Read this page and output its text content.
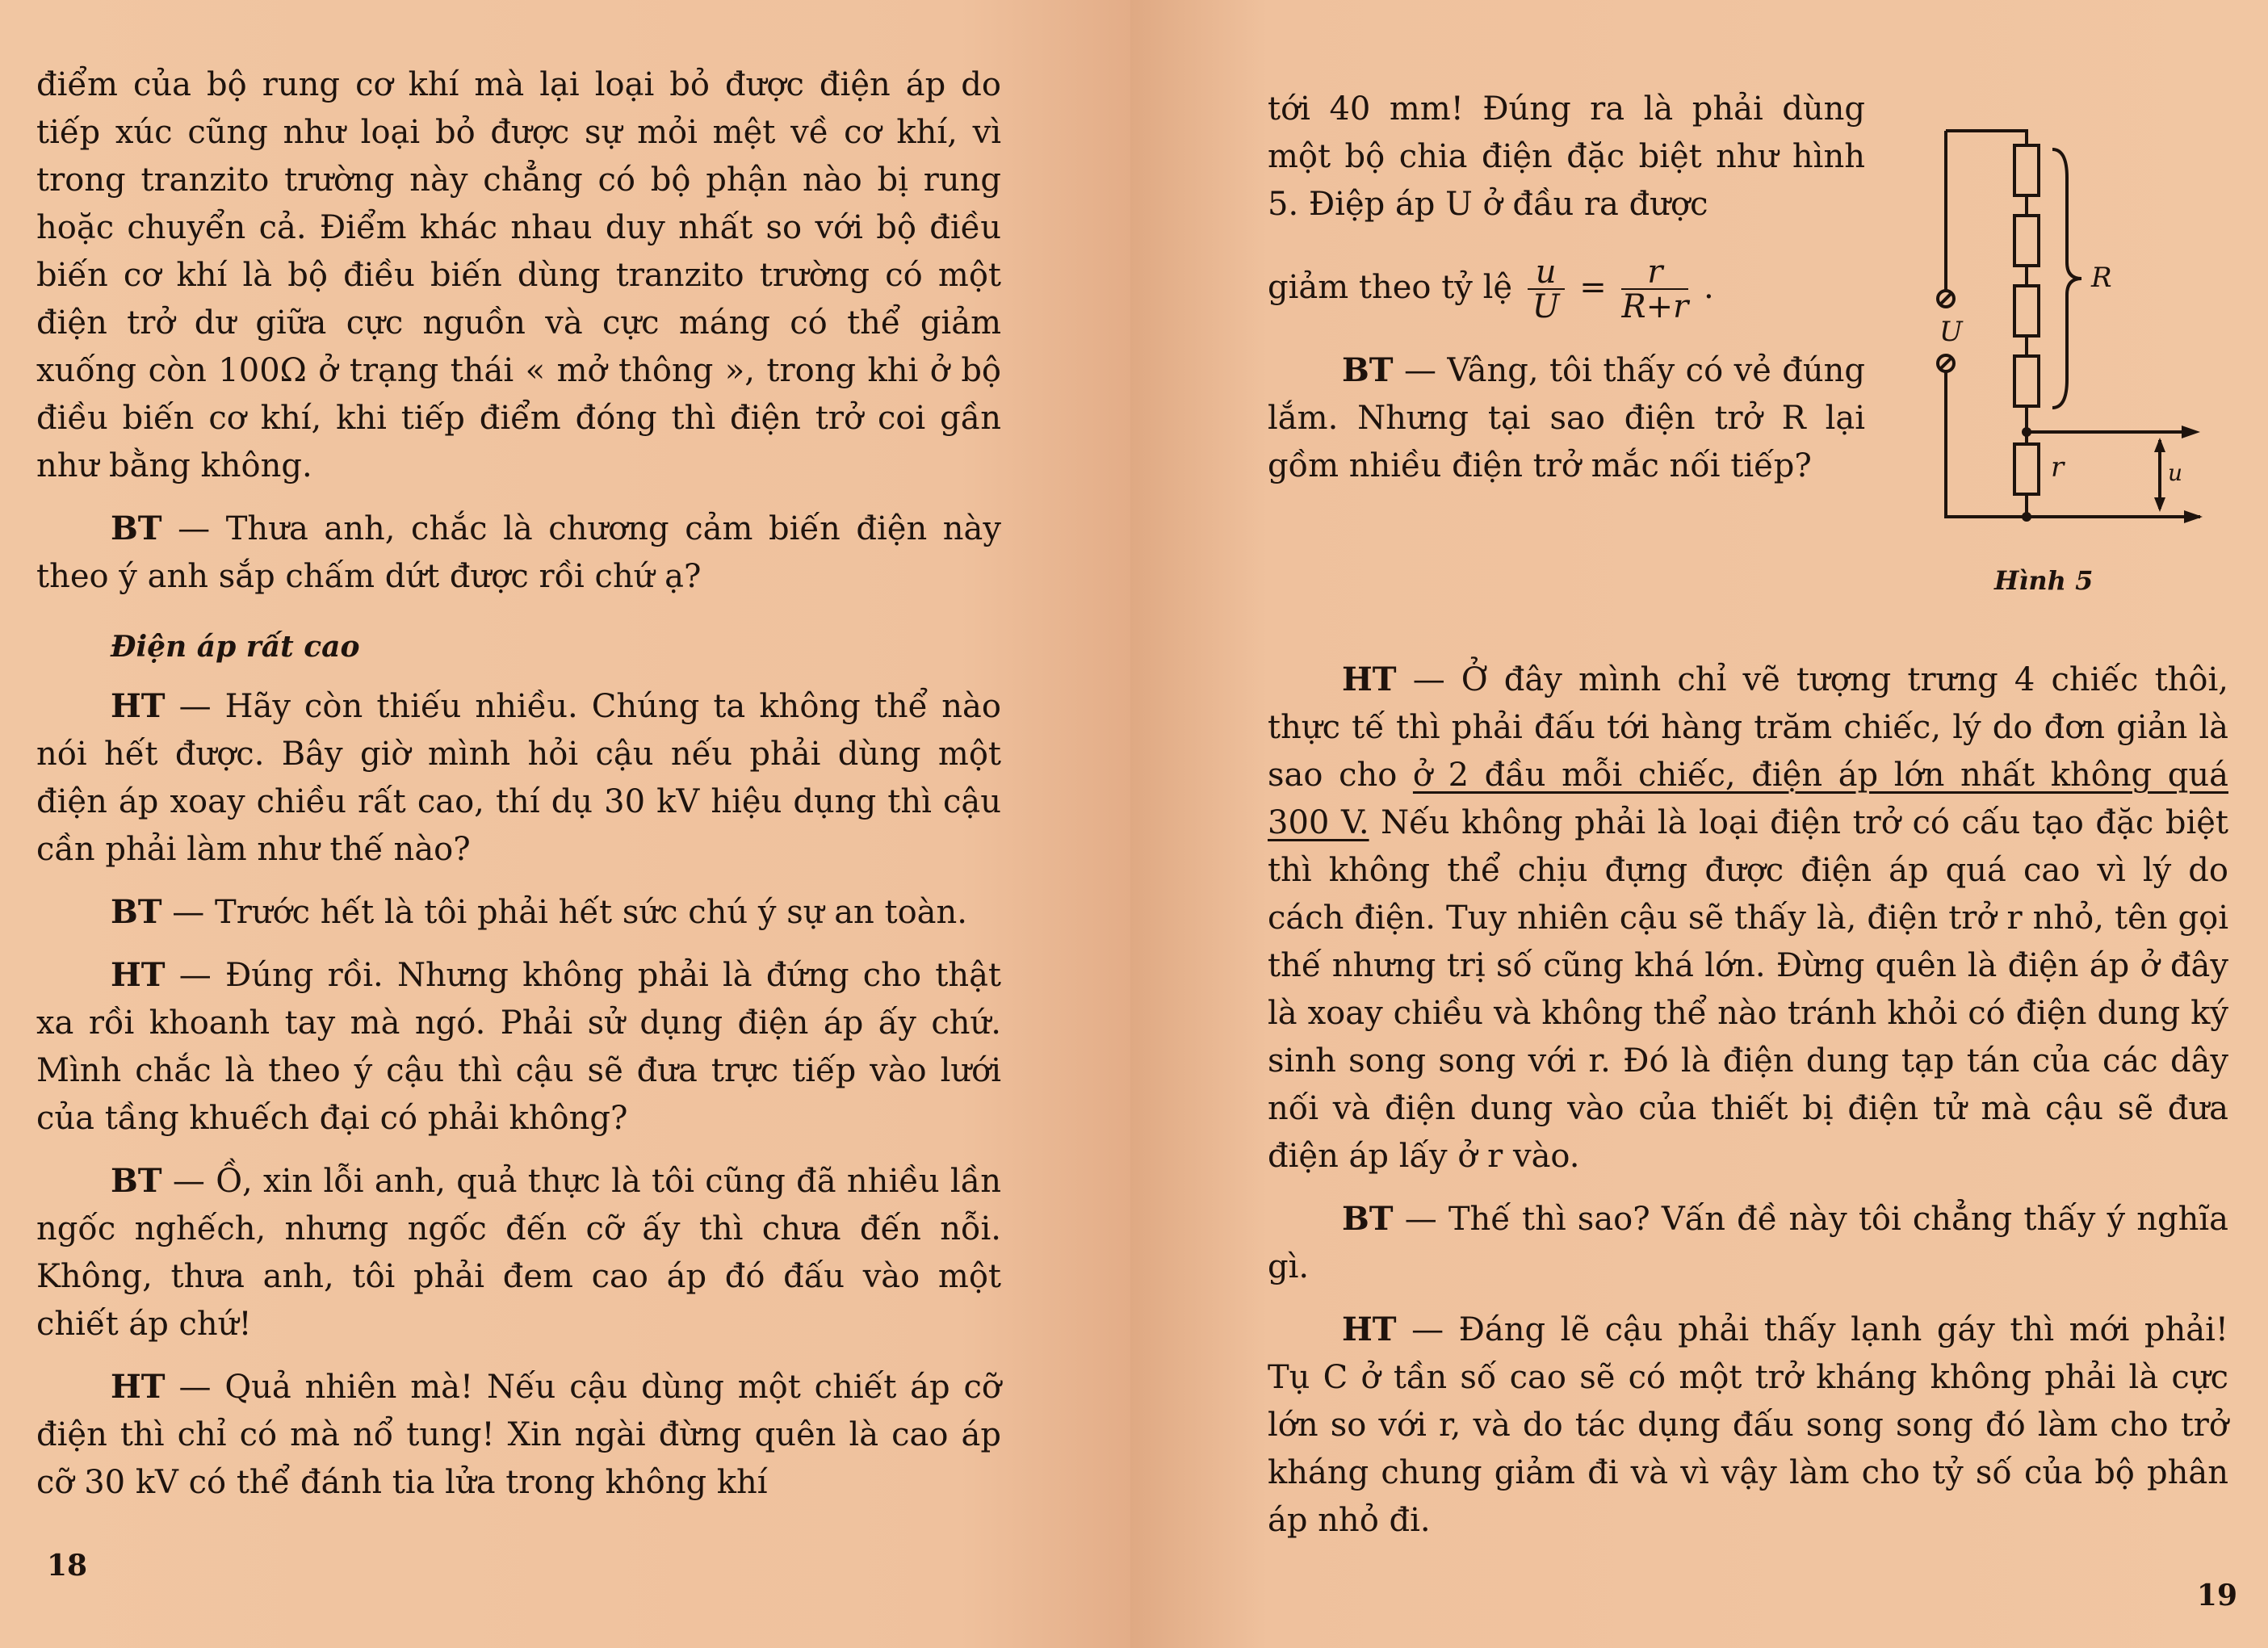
điểm của bộ rung cơ khí mà lại loại bỏ được điện áp do tiếp xúc cũng như loại bỏ được sự mỏi mệt về cơ khí, vì trong tranzito trường này chẳng có bộ phận nào bị rung hoặc chuyển cả. Điểm khác nhau duy nhất so với bộ điều biến cơ khí là bộ điều biến dùng tranzito trường có một điện trở dư giữa cực nguồn và cực máng có thể giảm xuống còn 100Ω ở trạng thái « mở thông », trong khi ở bộ điều biến cơ khí, khi tiếp điểm đóng thì điện trở coi gần như bằng không.

BT — Thưa anh, chắc là chương cảm biến điện này theo ý anh sắp chấm dứt được rồi chứ ạ?

Điện áp rất cao

HT — Hãy còn thiếu nhiều. Chúng ta không thể nào nói hết được. Bây giờ mình hỏi cậu nếu phải dùng một điện áp xoay chiều rất cao, thí dụ 30 kV hiệu dụng thì cậu cần phải làm như thế nào?

BT — Trước hết là tôi phải hết sức chú ý sự an toàn.

HT — Đúng rồi. Nhưng không phải là đứng cho thật xa rồi khoanh tay mà ngó. Phải sử dụng điện áp ấy chứ. Mình chắc là theo ý cậu thì cậu sẽ đưa trực tiếp vào lưới của tầng khuếch đại có phải không?

BT — Ồ, xin lỗi anh, quả thực là tôi cũng đã nhiều lần ngốc nghếch, nhưng ngốc đến cỡ ấy thì chưa đến nỗi. Không, thưa anh, tôi phải đem cao áp đó đấu vào một chiết áp chứ!

HT — Quả nhiên mà! Nếu cậu dùng một chiết áp cỡ điện thì chỉ có mà nổ tung! Xin ngài đừng quên là cao áp cỡ 30 kV có thể đánh tia lửa trong không khí

18

tới 40 mm! Đúng ra là phải dùng một bộ chia điện đặc biệt như hình 5. Điệp áp U ở đầu ra được

giảm theo tỷ lệ $\frac{u}{U} = \frac{r}{R+r}$ .

BT — Vâng, tôi thấy có vẻ đúng lắm. Nhưng tại sao điện trở R lại gồm nhiều điện trở mắc nối tiếp?

HT — Ở đây mình chỉ vẽ tượng trưng 4 chiếc thôi, thực tế thì phải đấu tới hàng trăm chiếc, lý do đơn giản là sao cho ở 2 đầu mỗi chiếc, điện áp lớn nhất không quá 300 V. Nếu không phải là loại điện trở có cấu tạo đặc biệt thì không thể chịu đựng được điện áp quá cao vì lý do cách điện. Tuy nhiên cậu sẽ thấy là, điện trở r nhỏ, tên gọi thế nhưng trị số cũng khá lớn. Đừng quên là điện áp ở đây là xoay chiều và không thể nào tránh khỏi có điện dung ký sinh song song với r. Đó là điện dung tạp tán của các dây nối và điện dung vào của thiết bị điện tử mà cậu sẽ đưa điện áp lấy ở r vào.

BT — Thế thì sao? Vấn đề này tôi chẳng thấy ý nghĩa gì.

HT — Đáng lẽ cậu phải thấy lạnh gáy thì mới phải! Tụ C ở tần số cao sẽ có một trở kháng không phải là cực lớn so với r, và do tác dụng đấu song song đó làm cho trở kháng chung giảm đi và vì vậy làm cho tỷ số của bộ phân áp nhỏ đi.

U
R
r	u
Hình 5
19
